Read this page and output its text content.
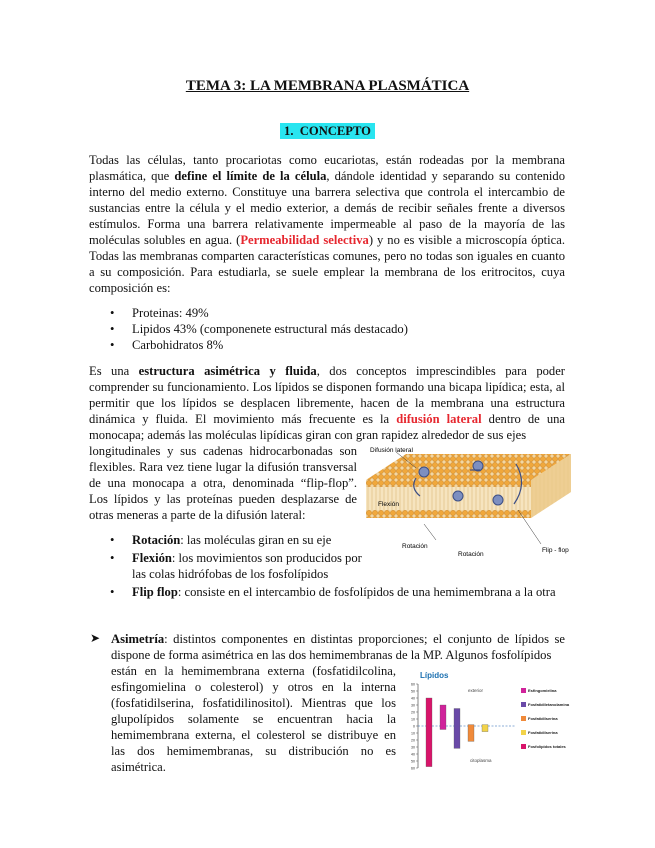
TEMA 3: LA MEMBRANA PLASMÁTICA
1. CONCEPTO

Todas las células, tanto procariotas como eucariotas, están rodeadas por la membrana plasmática, que define el límite de la célula, dándole identidad y separando su contenido interno del medio externo. Constituye una barrera selectiva que controla el intercambio de sustancias entre la célula y el medio exterior, a demás de recibir señales frente a diversos estímulos. Forma una barrera relativamente impermeable al paso de la mayoría de las moléculas solubles en agua. (Permeabilidad selectiva) y no es visible a microscopía óptica. Todas las membranas comparten características comunes, pero no todas son iguales en cuanto a su composición. Para estudiarla, se suele emplear la membrana de los eritrocitos, cuya composición es:

• Proteinas: 49%
• Lipidos 43% (componenete estructural más destacado)
• Carbohidratos 8%

Es una estructura asimétrica y fluida, dos conceptos imprescindibles para poder comprender su funcionamiento. Los lípidos se disponen formando una bicapa lipídica; esta, al permitir que los lípidos se desplacen libremente, hacen de la membrana una estructura dinámica y fluida. El movimiento más frecuente es la difusión lateral dentro de una monocapa; además las moléculas lipídicas giran con gran rapidez alrededor de sus ejes

longitudinales y sus cadenas hidrocarbonadas son flexibles. Rara vez tiene lugar la difusión transversal de una monocapa a otra, denominada “flip-flop”. Los lípidos y las proteínas pueden desplazarse de otras meneras a parte de la difusión lateral:

Difusión lateral
Flexión
Rotación
Rotación
Flip - flop
• Rotación: las moléculas giran en su eje
• Flexión: los movimientos son producidos por las colas hidrófobas de los fosfolípidos
• Flip flop: consiste en el intercambio de fosfolípidos de una hemimembrana a la otra
➤ Asimetría: distintos componentes en distintas proporciones; el conjunto de lípidos se dispone de forma asimétrica en las dos hemimembranas de la MP. Algunos fosfolípidos

están en la hemimembrana externa (fosfatidilcolina, esfingomielina o colesterol) y otros en la interna (fosfatidilserina, fosfatidilinositol). Mientras que los glupolípidos solamente se encuentran hacia la hemimembrana externa, el colesterol se distribuye en las dos hemimembranas, su distribución no es asimétrica.

Lípidos
exterior
citoplasma
60
50
40
30
20
10
0
10
20
30
40
50
60
Esfingomielina
Fosfatidiletanolamina
Fosfatidilserina
Fosfatidilserina
Fosfolípidos totales
